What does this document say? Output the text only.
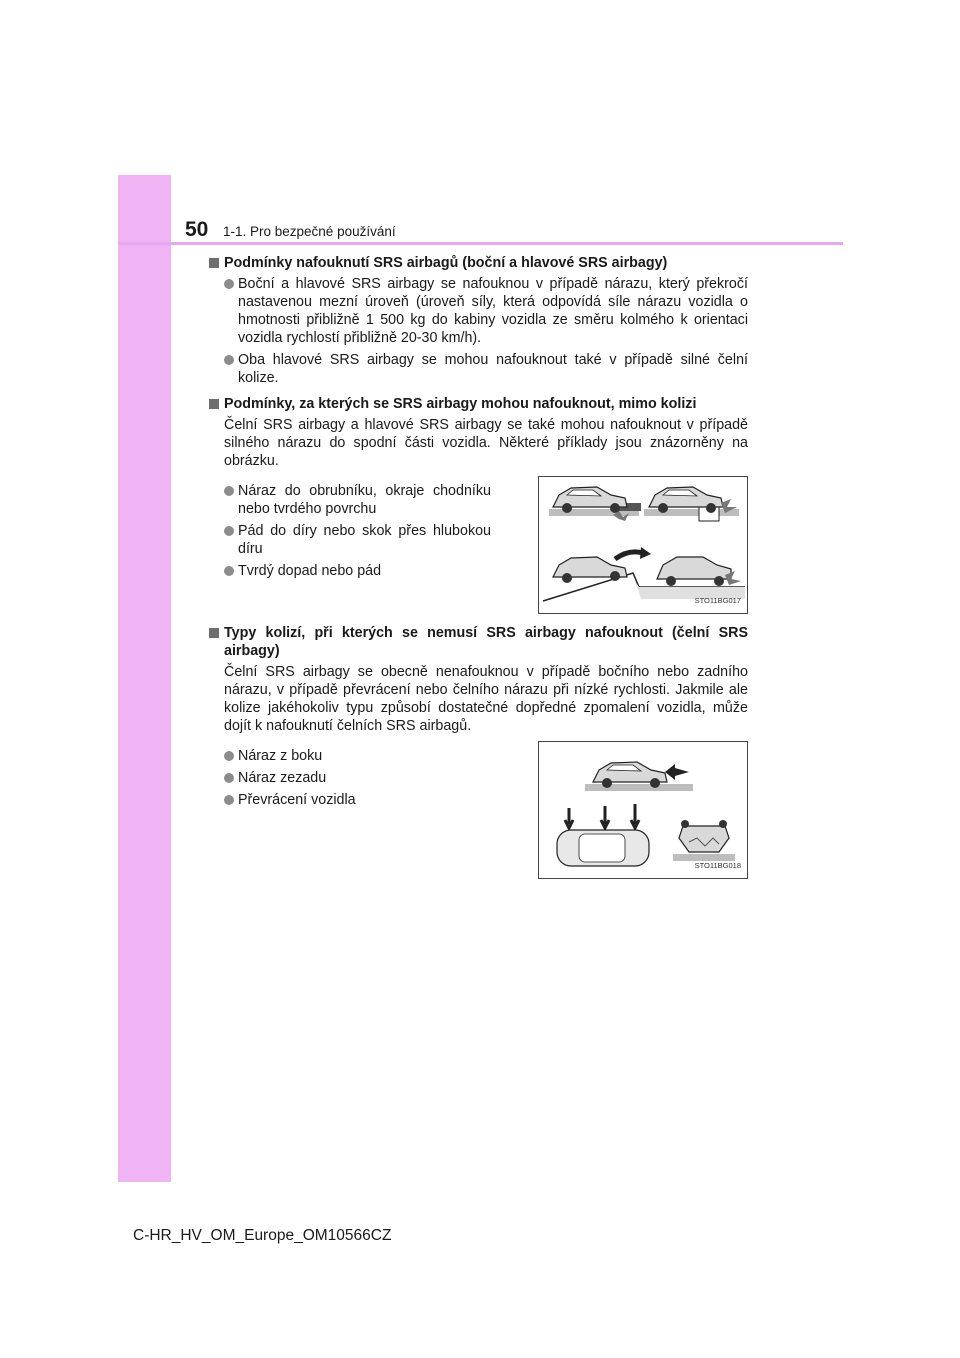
50 1-1. Pro bezpečné používání
Podmínky nafouknutí SRS airbagů (boční a hlavové SRS airbagy)
Boční a hlavové SRS airbagy se nafouknou v případě nárazu, který překročí nastavenou mezní úroveň (úroveň síly, která odpovídá síle nárazu vozidla o hmotnosti přibližně 1 500 kg do kabiny vozidla ze směru kolmého k orientaci vozidla rychlostí přibližně 20-30 km/h).
Oba hlavové SRS airbagy se mohou nafouknout také v případě silné čelní kolize.
Podmínky, za kterých se SRS airbagy mohou nafouknout, mimo kolizi
Čelní SRS airbagy a hlavové SRS airbagy se také mohou nafouknout v případě silného nárazu do spodní části vozidla. Některé příklady jsou znázorněny na obrázku.
Náraz do obrubníku, okraje chodníku nebo tvrdého povrchu
Pád do díry nebo skok přes hlubokou díru
Tvrdý dopad nebo pád
STO11BG017
Typy kolizí, při kterých se nemusí SRS airbagy nafouknout (čelní SRS airbagy)
Čelní SRS airbagy se obecně nenafouknou v případě bočního nebo zadního nárazu, v případě převrácení nebo čelního nárazu při nízké rychlosti. Jakmile ale kolize jakéhokoliv typu způsobí dostatečné dopředné zpomalení vozidla, může dojít k nafouknutí čelních SRS airbagů.
Náraz z boku
Náraz zezadu
Převrácení vozidla
STO11BG018
C-HR_HV_OM_Europe_OM10566CZ
